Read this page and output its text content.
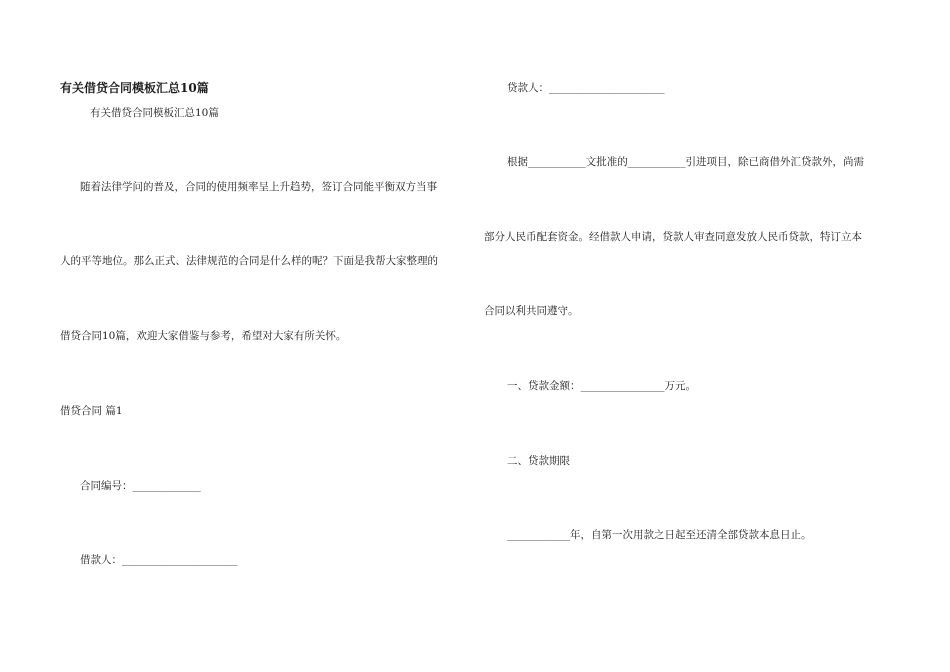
有关借贷合同模板汇总10篇
有关借贷合同模板汇总10篇
随着法律学问的普及，合同的使用频率呈上升趋势，签订合同能平衡双方当事
人的平等地位。那么正式、法律规范的合同是什么样的呢？下面是我帮大家整理的
借贷合同10篇，欢迎大家借鉴与参考，希望对大家有所关怀。
借贷合同 篇1
合同编号：_____________
借款人：______________________
贷款人：______________________
根据___________文批准的___________引进项目，除已商借外汇贷款外，尚需
部分人民币配套资金。经借款人申请，贷款人审查同意发放人民币贷款，特订立本
合同以利共同遵守。
一、贷款金额：________________万元。
二、贷款期限
____________年，自第一次用款之日起至还清全部贷款本息日止。
